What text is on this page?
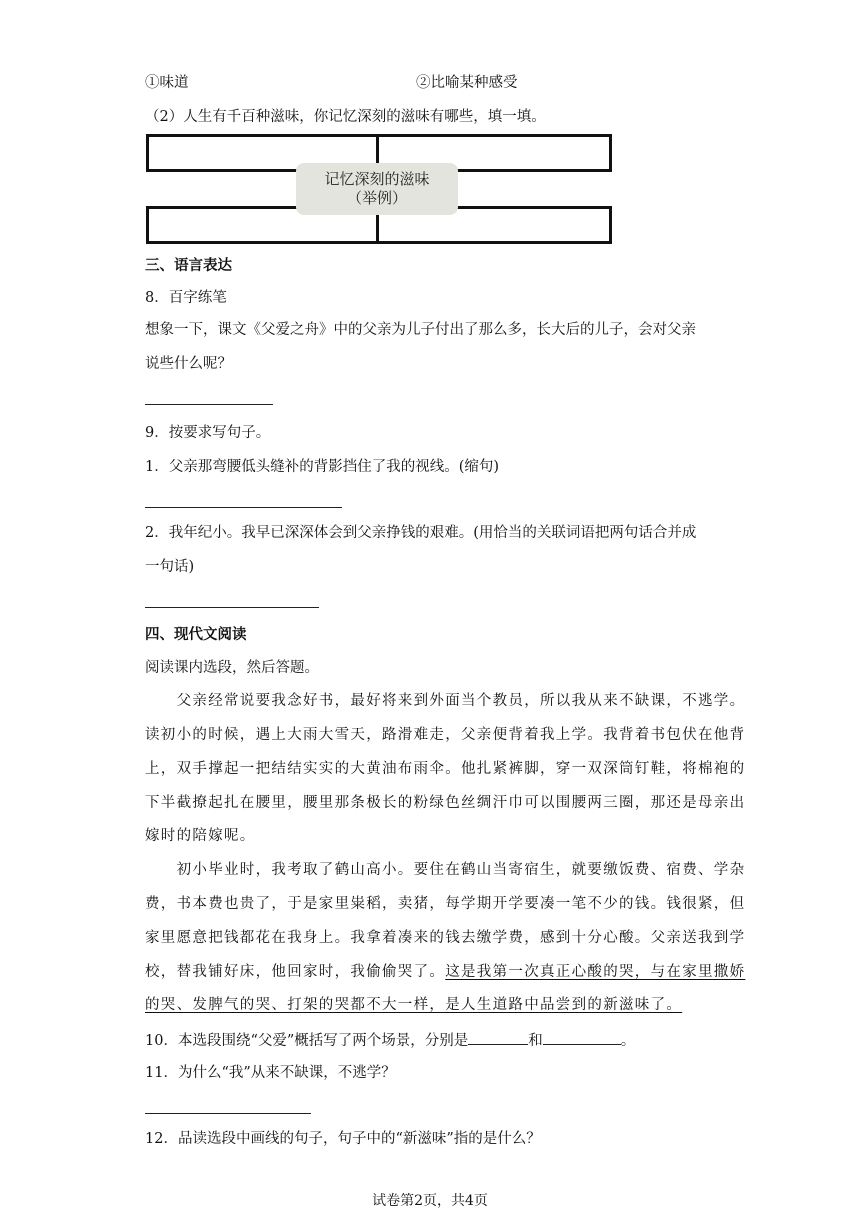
①味道	②比喻某种感受
（2）人生有千百种滋味，你记忆深刻的滋味有哪些，填一填。
记忆深刻的滋味
（举例）
三、语言表达
8．百字练笔
想象一下，课文《父爱之舟》中的父亲为儿子付出了那么多，长大后的儿子，会对父亲
说些什么呢？
9．按要求写句子。
1．父亲那弯腰低头缝补的背影挡住了我的视线。(缩句)
2．我年纪小。我早已深深体会到父亲挣钱的艰难。(用恰当的关联词语把两句话合并成
一句话)
四、现代文阅读
阅读课内选段，然后答题。
　　父亲经常说要我念好书，最好将来到外面当个教员，所以我从来不缺课，不逃学。
读初小的时候，遇上大雨大雪天，路滑难走，父亲便背着我上学。我背着书包伏在他背
上，双手撑起一把结结实实的大黄油布雨伞。他扎紧裤脚，穿一双深筒钉鞋，将棉袍的
下半截撩起扎在腰里，腰里那条极长的粉绿色丝绸汗巾可以围腰两三圈，那还是母亲出
嫁时的陪嫁呢。
　　初小毕业时，我考取了鹤山高小。要住在鹤山当寄宿生，就要缴饭费、宿费、学杂
费，书本费也贵了，于是家里粜稻，卖猪，每学期开学要凑一笔不少的钱。钱很紧，但
家里愿意把钱都花在我身上。我拿着凑来的钱去缴学费，感到十分心酸。父亲送我到学
校，替我铺好床，他回家时，我偷偷哭了。这是我第一次真正心酸的哭，与在家里撒娇
的哭、发脾气的哭、打架的哭都不大一样，是人生道路中品尝到的新滋味了。
10．本选段围绕“父爱”概括写了两个场景，分别是	和	。
11．为什么“我”从来不缺课，不逃学？
12．品读选段中画线的句子，句子中的“新滋味”指的是什么？
试卷第2页，共4页
